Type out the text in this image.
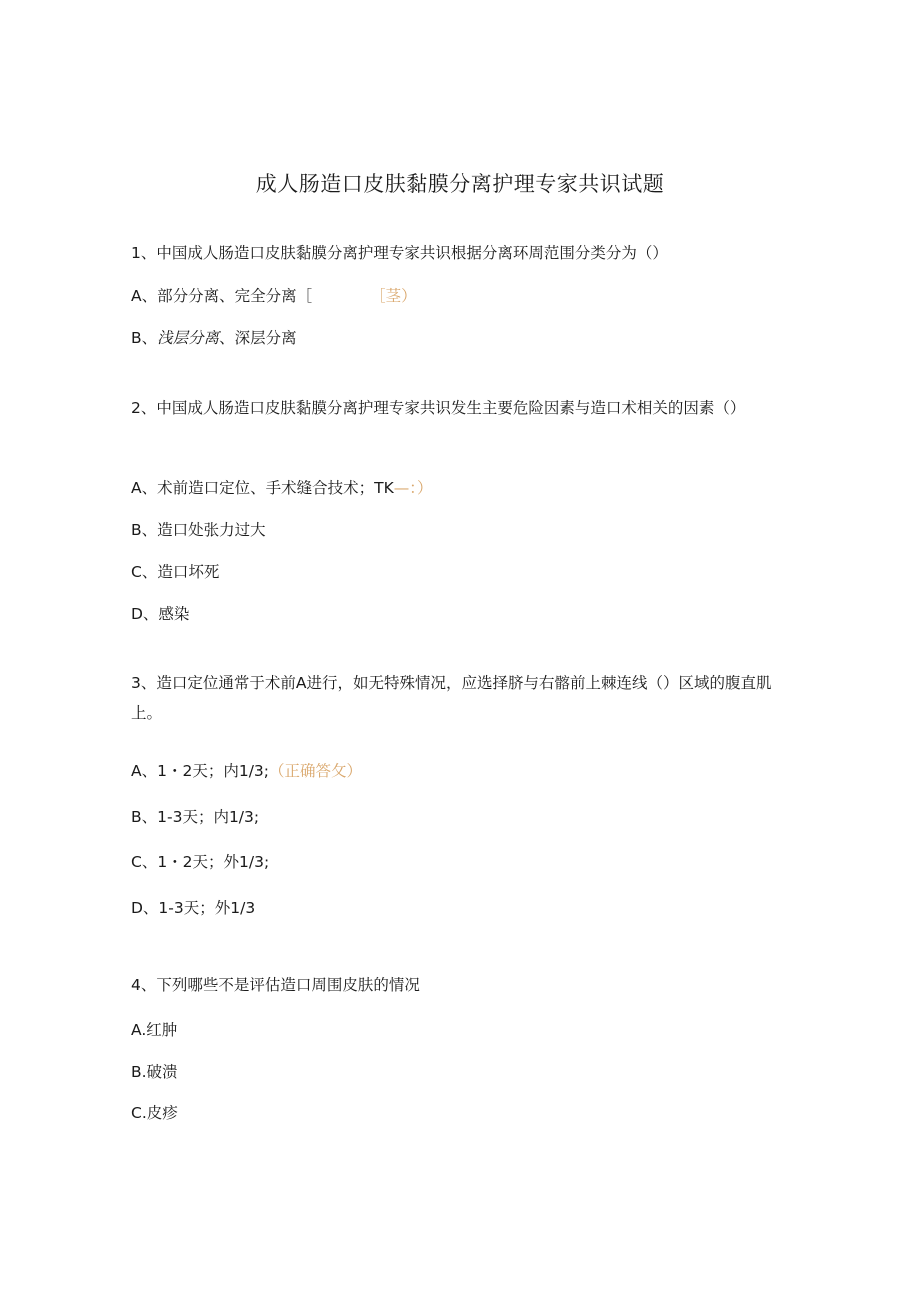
成人肠造口皮肤黏膜分离护理专家共识试题
1、中国成人肠造口皮肤黏膜分离护理专家共识根据分离环周范围分类分为（）
A、部分分离、完全分离［	［茎）
B、浅层分离、深层分离
2、中国成人肠造口皮肤黏膜分离护理专家共识发生主要危险因素与造口术相关的因素（）
A、术前造口定位、手术缝合技术；TK—：）
B、造口处张力过大
C、造口坏死
D、感染
3、造口定位通常于术前A进行，如无特殊情况，应选择脐与右髂前上棘连线（）区域的腹直肌上。
A、1・2天；内1/3;（正确答攵）
B、1-3天；内1/3;
C、1・2天；外1/3;
D、1-3天；外1/3
4、下列哪些不是评估造口周围皮肤的情况
A.红肿
B.破溃
C.皮疹
